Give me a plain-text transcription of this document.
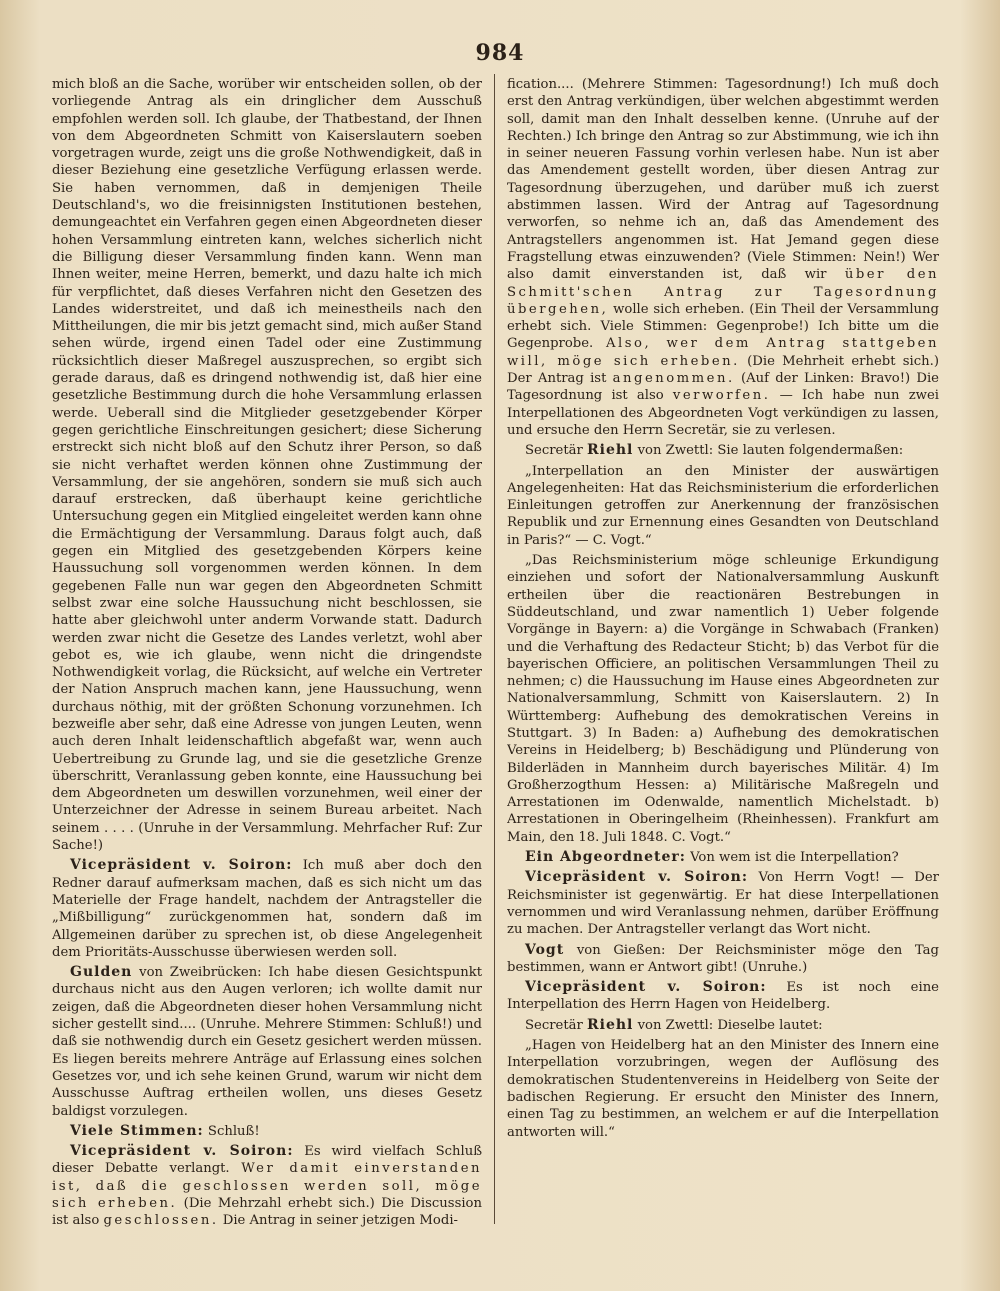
984

mich bloß an die Sache, worüber wir entscheiden sollen, ob der vorliegende Antrag als ein dringlicher dem Ausschuß empfohlen werden soll. Ich glaube, der Thatbestand, der Ihnen von dem Abgeordneten Schmitt von Kaiserslautern soeben vorgetragen wurde, zeigt uns die große Nothwendigkeit, daß in dieser Beziehung eine gesetzliche Verfügung erlassen werde. Sie haben vernommen, daß in demjenigen Theile Deutschland's, wo die freisinnigsten Institutionen bestehen, demungeachtet ein Verfahren gegen einen Abgeordneten dieser hohen Versammlung eintreten kann, welches sicherlich nicht die Billigung dieser Versammlung finden kann. Wenn man Ihnen weiter, meine Herren, bemerkt, und dazu halte ich mich für verpflichtet, daß dieses Verfahren nicht den Gesetzen des Landes widerstreitet, und daß ich meinestheils nach den Mittheilungen, die mir bis jetzt gemacht sind, mich außer Stand sehen würde, irgend einen Tadel oder eine Zustimmung rücksichtlich dieser Maßregel auszusprechen, so ergibt sich gerade daraus, daß es dringend nothwendig ist, daß hier eine gesetzliche Bestimmung durch die hohe Versammlung erlassen werde. Ueberall sind die Mitglieder gesetzgebender Körper gegen gerichtliche Einschreitungen gesichert; diese Sicherung erstreckt sich nicht bloß auf den Schutz ihrer Person, so daß sie nicht verhaftet werden können ohne Zustimmung der Versammlung, der sie angehören, sondern sie muß sich auch darauf erstrecken, daß überhaupt keine gerichtliche Untersuchung gegen ein Mitglied eingeleitet werden kann ohne die Ermächtigung der Versammlung. Daraus folgt auch, daß gegen ein Mitglied des gesetzgebenden Körpers keine Haussuchung soll vorgenommen werden können. In dem gegebenen Falle nun war gegen den Abgeordneten Schmitt selbst zwar eine solche Haussuchung nicht beschlossen, sie hatte aber gleichwohl unter anderm Vorwande statt. Dadurch werden zwar nicht die Gesetze des Landes verletzt, wohl aber gebot es, wie ich glaube, wenn nicht die dringendste Nothwendigkeit vorlag, die Rücksicht, auf welche ein Vertreter der Nation Anspruch machen kann, jene Haussuchung, wenn durchaus nöthig, mit der größten Schonung vorzunehmen. Ich bezweifle aber sehr, daß eine Adresse von jungen Leuten, wenn auch deren Inhalt leidenschaftlich abgefaßt war, wenn auch Uebertreibung zu Grunde lag, und sie die gesetzliche Grenze überschritt, Veranlassung geben konnte, eine Haussuchung bei dem Abgeordneten um deswillen vorzunehmen, weil einer der Unterzeichner der Adresse in seinem Bureau arbeitet. Nach seinem . . . . (Unruhe in der Versammlung. Mehrfacher Ruf: Zur Sache!)

Vicepräsident v. Soiron: Ich muß aber doch den Redner darauf aufmerksam machen, daß es sich nicht um das Materielle der Frage handelt, nachdem der Antragsteller die „Mißbilligung“ zurückgenommen hat, sondern daß im Allgemeinen darüber zu sprechen ist, ob diese Angelegenheit dem Prioritäts-Ausschusse überwiesen werden soll.

Gulden von Zweibrücken: Ich habe diesen Gesichtspunkt durchaus nicht aus den Augen verloren; ich wollte damit nur zeigen, daß die Abgeordneten dieser hohen Versammlung nicht sicher gestellt sind.... (Unruhe. Mehrere Stimmen: Schluß!) und daß sie nothwendig durch ein Gesetz gesichert werden müssen. Es liegen bereits mehrere Anträge auf Erlassung eines solchen Gesetzes vor, und ich sehe keinen Grund, warum wir nicht dem Ausschusse Auftrag ertheilen wollen, uns dieses Gesetz baldigst vorzulegen.

Viele Stimmen: Schluß!

Vicepräsident v. Soiron: Es wird vielfach Schluß dieser Debatte verlangt. Wer damit einverstanden ist, daß die geschlossen werden soll, möge sich erheben. (Die Mehrzahl erhebt sich.) Die Discussion ist also geschlossen. Die Antrag in seiner jetzigen Modi-

fication.... (Mehrere Stimmen: Tagesordnung!) Ich muß doch erst den Antrag verkündigen, über welchen abgestimmt werden soll, damit man den Inhalt desselben kenne. (Unruhe auf der Rechten.) Ich bringe den Antrag so zur Abstimmung, wie ich ihn in seiner neueren Fassung vorhin verlesen habe. Nun ist aber das Amendement gestellt worden, über diesen Antrag zur Tagesordnung überzugehen, und darüber muß ich zuerst abstimmen lassen. Wird der Antrag auf Tagesordnung verworfen, so nehme ich an, daß das Amendement des Antragstellers angenommen ist. Hat Jemand gegen diese Fragstellung etwas einzuwenden? (Viele Stimmen: Nein!) Wer also damit einverstanden ist, daß wir über den Schmitt'schen Antrag zur Tagesordnung übergehen, wolle sich erheben. (Ein Theil der Versammlung erhebt sich. Viele Stimmen: Gegenprobe!) Ich bitte um die Gegenprobe. Also, wer dem Antrag stattgeben will, möge sich erheben. (Die Mehrheit erhebt sich.) Der Antrag ist angenommen. (Auf der Linken: Bravo!) Die Tagesordnung ist also verworfen. — Ich habe nun zwei Interpellationen des Abgeordneten Vogt verkündigen zu lassen, und ersuche den Herrn Secretär, sie zu verlesen.

Secretär Riehl von Zwettl: Sie lauten folgendermaßen:

„Interpellation an den Minister der auswärtigen Angelegenheiten: Hat das Reichsministerium die erforderlichen Einleitungen getroffen zur Anerkennung der französischen Republik und zur Ernennung eines Gesandten von Deutschland in Paris?“ — C. Vogt.“

„Das Reichsministerium möge schleunige Erkundigung einziehen und sofort der Nationalversammlung Auskunft ertheilen über die reactionären Bestrebungen in Süddeutschland, und zwar namentlich 1) Ueber folgende Vorgänge in Bayern: a) die Vorgänge in Schwabach (Franken) und die Verhaftung des Redacteur Sticht; b) das Verbot für die bayerischen Officiere, an politischen Versammlungen Theil zu nehmen; c) die Haussuchung im Hause eines Abgeordneten zur Nationalversammlung, Schmitt von Kaiserslautern. 2) In Württemberg: Aufhebung des demokratischen Vereins in Stuttgart. 3) In Baden: a) Aufhebung des demokratischen Vereins in Heidelberg; b) Beschädigung und Plünderung von Bilderläden in Mannheim durch bayerisches Militär. 4) Im Großherzogthum Hessen: a) Militärische Maßregeln und Arrestationen im Odenwalde, namentlich Michelstadt. b) Arrestationen in Oberingelheim (Rheinhessen). Frankfurt am Main, den 18. Juli 1848. C. Vogt.“

Ein Abgeordneter: Von wem ist die Interpellation?

Vicepräsident v. Soiron: Von Herrn Vogt! — Der Reichsminister ist gegenwärtig. Er hat diese Interpellationen vernommen und wird Veranlassung nehmen, darüber Eröffnung zu machen. Der Antragsteller verlangt das Wort nicht.

Vogt von Gießen: Der Reichsminister möge den Tag bestimmen, wann er Antwort gibt! (Unruhe.)

Vicepräsident v. Soiron: Es ist noch eine Interpellation des Herrn Hagen von Heidelberg.

Secretär Riehl von Zwettl: Dieselbe lautet:

„Hagen von Heidelberg hat an den Minister des Innern eine Interpellation vorzubringen, wegen der Auflösung des demokratischen Studentenvereins in Heidelberg von Seite der badischen Regierung. Er ersucht den Minister des Innern, einen Tag zu bestimmen, an welchem er auf die Interpellation antworten will.“
